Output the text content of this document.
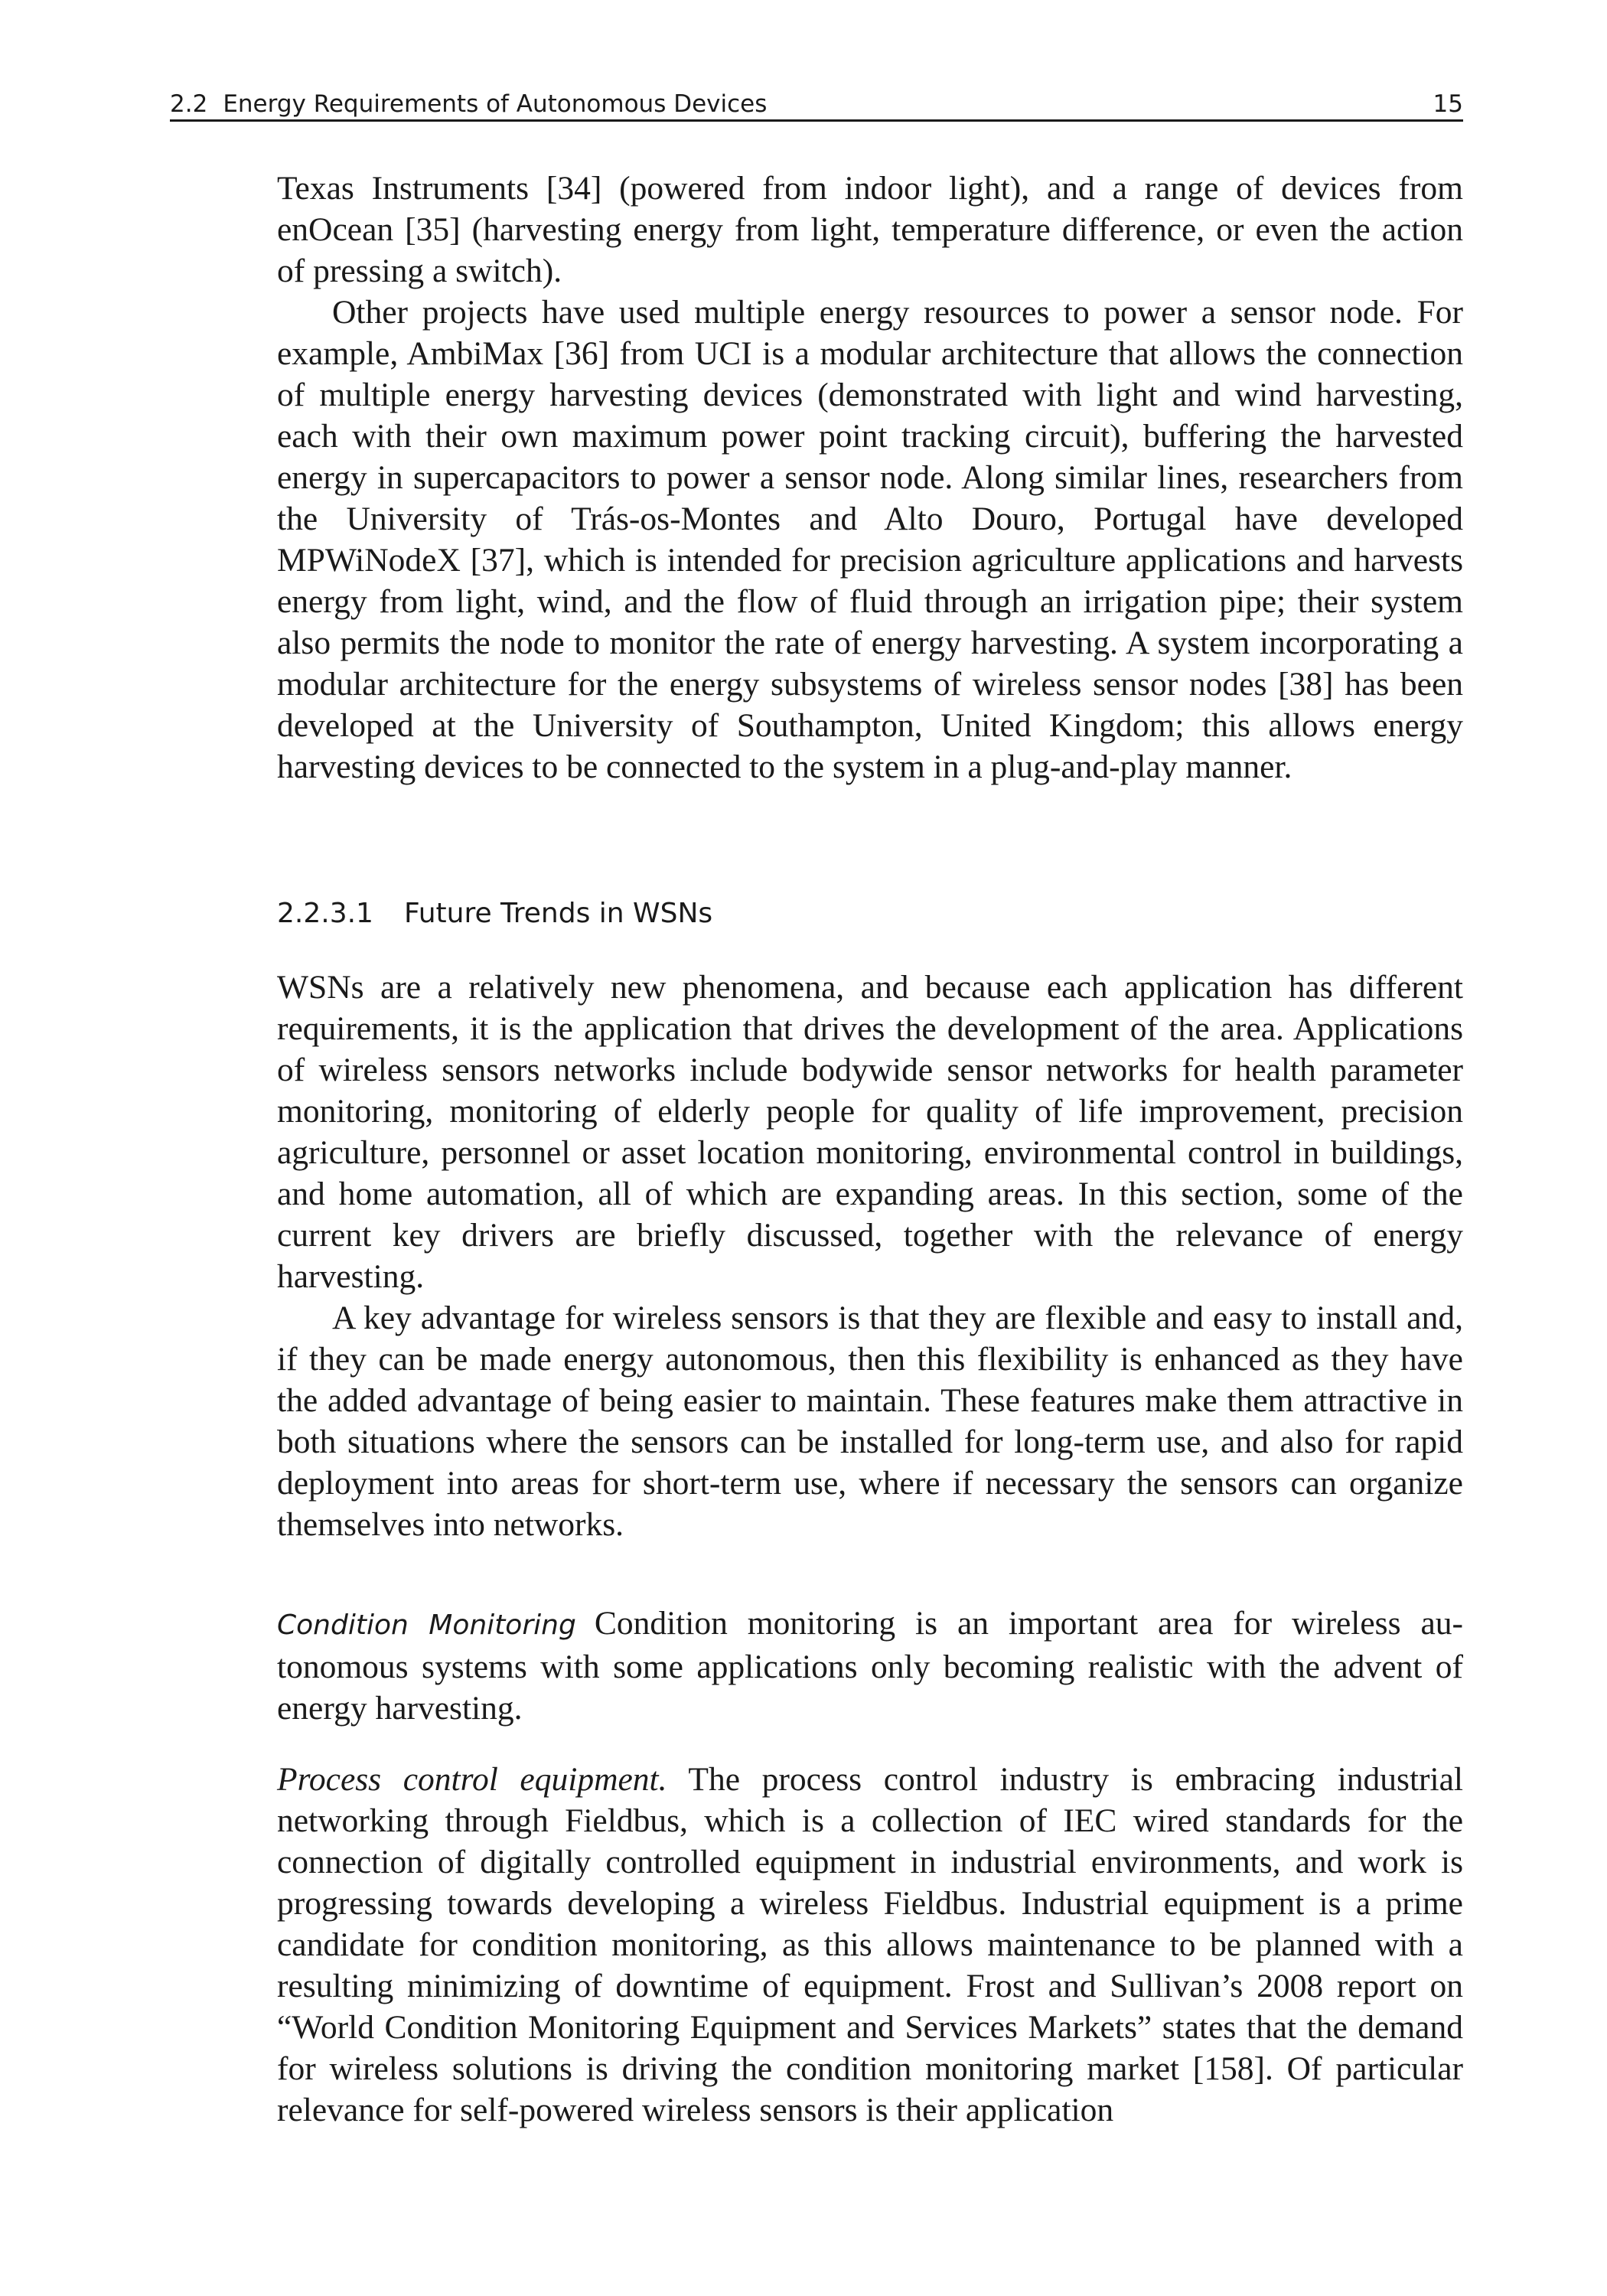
2.2 Energy Requirements of Autonomous Devices	15

Texas Instruments [34] (powered from indoor light), and a range of devices from enOcean [35] (harvesting energy from light, temperature difference, or even the action of pressing a switch).

Other projects have used multiple energy resources to power a sensor node. For example, AmbiMax [36] from UCI is a modular architecture that allows the connection of multiple energy harvesting devices (demonstrated with light and wind harvesting, each with their own maximum power point tracking circuit), buffering the harvested energy in supercapacitors to power a sensor node. Along similar lines, researchers from the University of Trás-os-Montes and Alto Douro, Portugal have developed MPWiNodeX [37], which is intended for precision agriculture applications and harvests energy from light, wind, and the flow of fluid through an irrigation pipe; their system also permits the node to monitor the rate of energy harvesting. A system incorporating a modular architecture for the energy subsystems of wireless sensor nodes [38] has been developed at the University of Southampton, United Kingdom; this allows energy harvesting devices to be connected to the system in a plug-and-play manner.

2.2.3.1 Future Trends in WSNs

WSNs are a relatively new phenomena, and because each application has different requirements, it is the application that drives the development of the area. Applications of wireless sensors networks include bodywide sensor networks for health parameter monitoring, monitoring of elderly people for quality of life improvement, precision agriculture, personnel or asset location monitoring, environmental control in buildings, and home automation, all of which are expanding areas. In this section, some of the current key drivers are briefly discussed, together with the relevance of energy harvesting.

A key advantage for wireless sensors is that they are flexible and easy to install and, if they can be made energy autonomous, then this flexibility is enhanced as they have the added advantage of being easier to maintain. These features make them attractive in both situations where the sensors can be installed for long-term use, and also for rapid deployment into areas for short-term use, where if necessary the sensors can organize themselves into networks.

Condition Monitoring Condition monitoring is an important area for wireless autonomous systems with some applications only becoming realistic with the advent of energy harvesting.

Process control equipment. The process control industry is embracing industrial networking through Fieldbus, which is a collection of IEC wired standards for the connection of digitally controlled equipment in industrial environments, and work is progressing towards developing a wireless Fieldbus. Industrial equipment is a prime candidate for condition monitoring, as this allows maintenance to be planned with a resulting minimizing of downtime of equipment. Frost and Sullivan’s 2008 report on “World Condition Monitoring Equipment and Services Markets” states that the demand for wireless solutions is driving the condition monitoring market [158]. Of particular relevance for self-powered wireless sensors is their application
